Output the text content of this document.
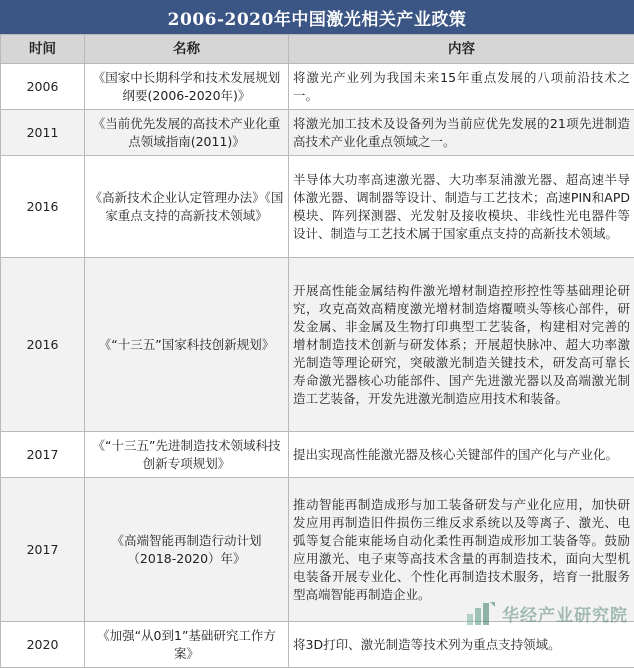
2006-2020年中国激光相关产业政策
时间	名称	内容
2006	《国家中长期科学和技术发展规划纲要(2006-2020年)》	将激光产业列为我国未来15年重点发展的八项前沿技术之一。
2011	《当前优先发展的高技术产业化重点领域指南(2011)》	将激光加工技术及设备列为当前应优先发展的21项先进制造高技术产业化重点领域之一。
2016	《高新技术企业认定管理办法》《国家重点支持的高新技术领域》	半导体大功率高速激光器、大功率泵浦激光器、超高速半导体激光器、调制器等设计、制造与工艺技术；高速PIN和APD模块、阵列探测器、光发射及接收模块、非线性光电器件等设计、制造与工艺技术属于国家重点支持的高新技术领域。
2016	《“十三五”国家科技创新规划》	开展高性能金属结构件激光增材制造控形控性等基础理论研究，攻克高效高精度激光增材制造熔覆喷头等核心部件，研发金属、非金属及生物打印典型工艺装备，构建相对完善的增材制造技术创新与研发体系；开展超快脉冲、超大功率激光制造等理论研究，突破激光制造关键技术，研发高可靠长寿命激光器核心功能部件、国产先进激光器以及高端激光制造工艺装备，开发先进激光制造应用技术和装备。
2017	《“十三五”先进制造技术领域科技创新专项规划》	提出实现高性能激光器及核心关键部件的国产化与产业化。
2017	《高端智能再制造行动计划（2018-2020）年》	推动智能再制造成形与加工装备研发与产业化应用，加快研发应用再制造旧件损伤三维反求系统以及等离子、激光、电弧等复合能束能场自动化柔性再制造成形加工装备等。鼓励应用激光、电子束等高技术含量的再制造技术，面向大型机电装备开展专业化、个性化再制造技术服务，培育一批服务型高端智能再制造企业。
2020	《加强“从0到1”基础研究工作方案》	将3D打印、激光制造等技术列为重点支持领域。
华经产业研究院
